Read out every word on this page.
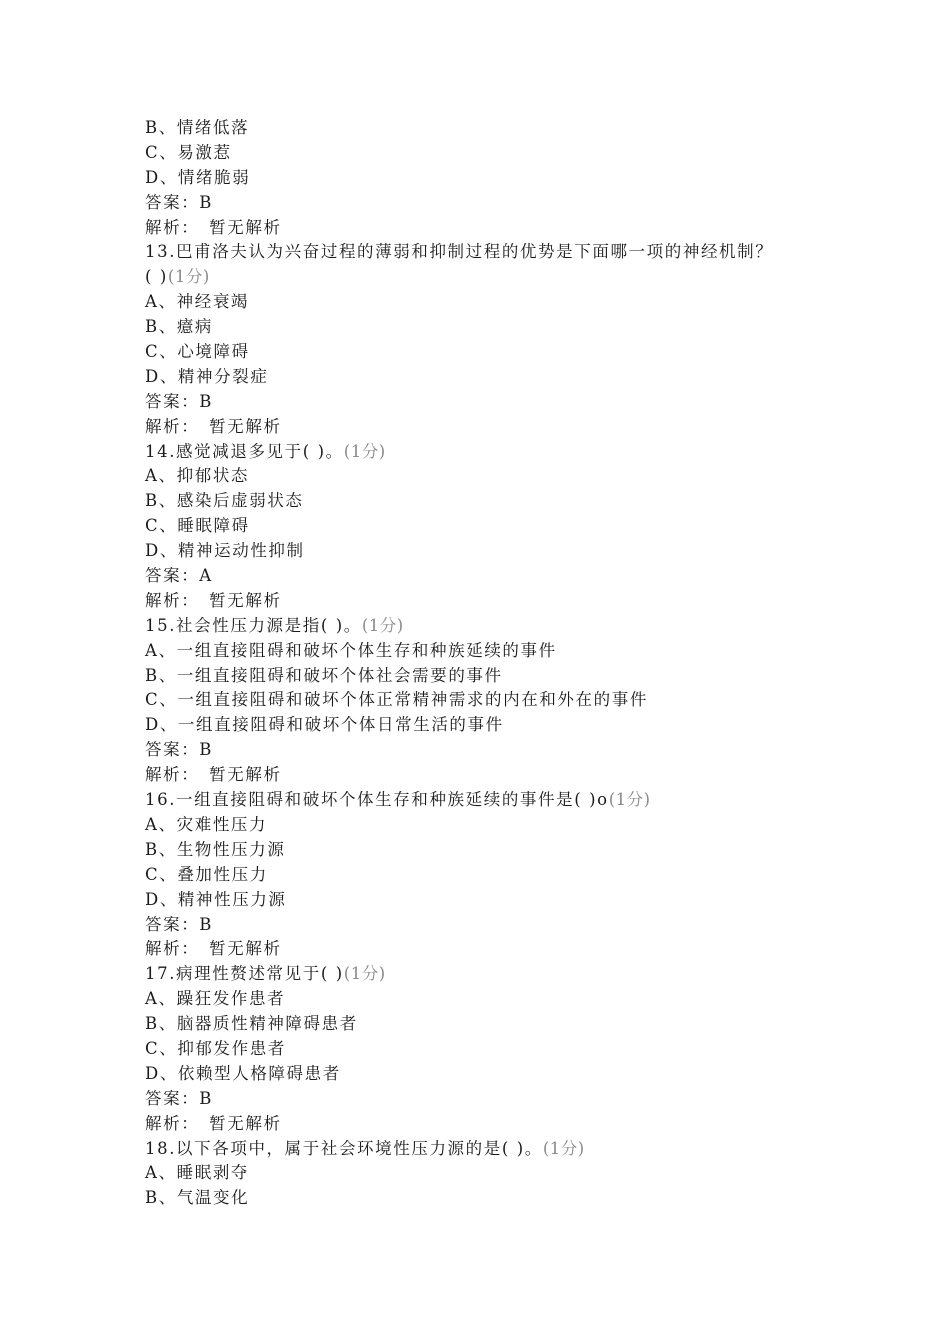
B、情绪低落
C、易激惹
D、情绪脆弱
答案：B
解析：　暂无解析
13.巴甫洛夫认为兴奋过程的薄弱和抑制过程的优势是下面哪一项的神经机制？
( )(1分)
A、神经衰竭
B、癔病
C、心境障碍
D、精神分裂症
答案：B
解析：　暂无解析
14.感觉减退多见于( )。(1分)
A、抑郁状态
B、感染后虚弱状态
C、睡眠障碍
D、精神运动性抑制
答案：A
解析：　暂无解析
15.社会性压力源是指( )。(1分)
A、一组直接阻碍和破坏个体生存和种族延续的事件
B、一组直接阻碍和破坏个体社会需要的事件
C、一组直接阻碍和破坏个体正常精神需求的内在和外在的事件
D、一组直接阻碍和破坏个体日常生活的事件
答案：B
解析：　暂无解析
16.一组直接阻碍和破坏个体生存和种族延续的事件是( )o(1分)
A、灾难性压力
B、生物性压力源
C、叠加性压力
D、精神性压力源
答案：B
解析：　暂无解析
17.病理性赘述常见于( )(1分)
A、躁狂发作患者
B、脑器质性精神障碍患者
C、抑郁发作患者
D、依赖型人格障碍患者
答案：B
解析：　暂无解析
18.以下各项中，属于社会环境性压力源的是( )。(1分)
A、睡眠剥夺
B、气温变化
